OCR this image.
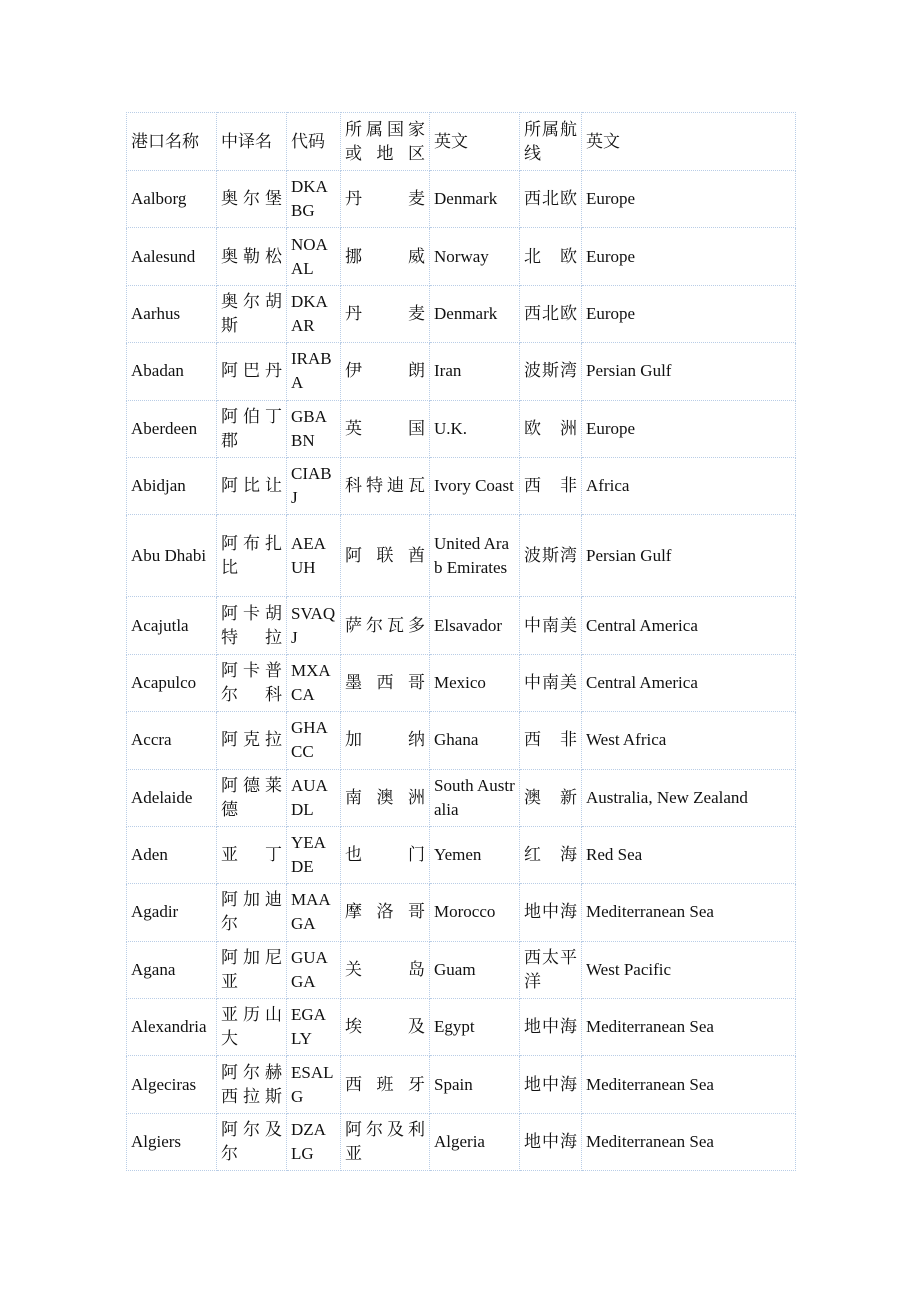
港口名称	中译名	代码	所属国家或地区	英文	所属航线	英文
Aalborg	奥尔堡	DKABG	丹麦	Denmark	西北欧	Europe
Aalesund	奥勒松	NOAAL	挪威	Norway	北欧	Europe
Aarhus	奥尔胡斯	DKAAR	丹麦	Denmark	西北欧	Europe
Abadan	阿巴丹	IRABA	伊朗	Iran	波斯湾	Persian Gulf
Aberdeen	阿伯丁郡	GBABN	英国	U.K.	欧洲	Europe
Abidjan	阿比让	CIABJ	科特迪瓦	Ivory Coast	西非	Africa
Abu Dhabi	阿布扎比	AEAUH	阿联酋	United Arab Emirates	波斯湾	Persian Gulf
Acajutla	阿卡胡特拉	SVAQJ	萨尔瓦多	Elsavador	中南美	Central America
Acapulco	阿卡普尔科	MXACA	墨西哥	Mexico	中南美	Central America
Accra	阿克拉	GHACC	加纳	Ghana	西非	West Africa
Adelaide	阿德莱德	AUADL	南澳洲	South Australia	澳新	Australia, New Zealand
Aden	亚丁	YEADE	也门	Yemen	红海	Red Sea
Agadir	阿加迪尔	MAAGA	摩洛哥	Morocco	地中海	Mediterranean Sea
Agana	阿加尼亚	GUAGA	关岛	Guam	西太平洋	West Pacific
Alexandria	亚历山大	EGALY	埃及	Egypt	地中海	Mediterranean Sea
Algeciras	阿尔赫西拉斯	ESALG	西班牙	Spain	地中海	Mediterranean Sea
Algiers	阿尔及尔	DZALG	阿尔及利亚	Algeria	地中海	Mediterranean Sea
